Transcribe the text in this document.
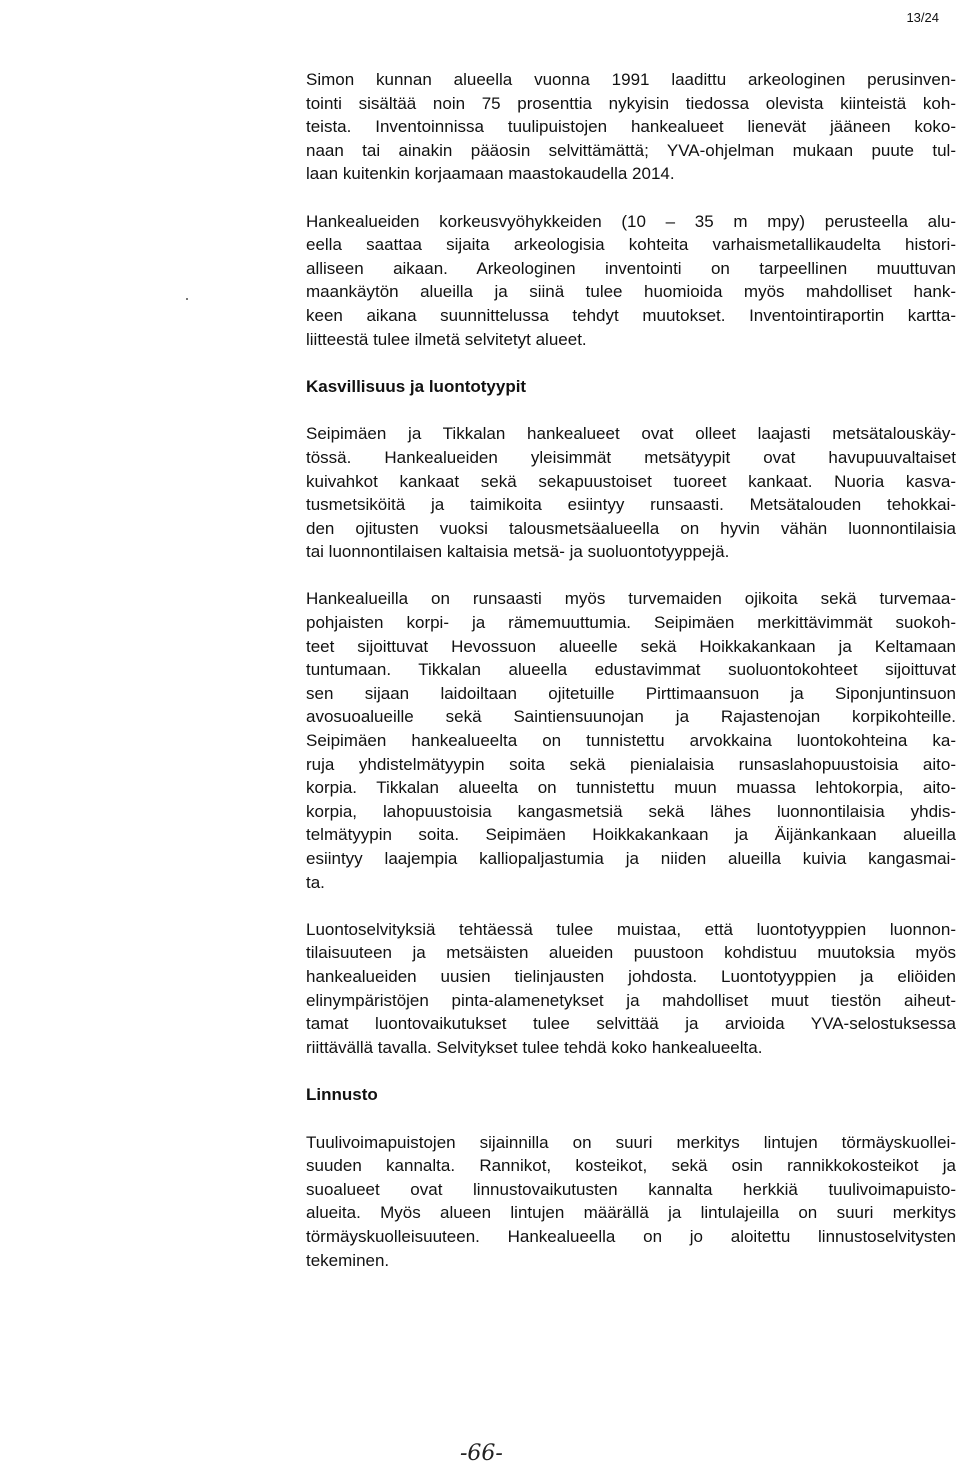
13/24

Simon kunnan alueella vuonna 1991 laadittu arkeologinen perusinven-
tointi sisältää noin 75 prosenttia nykyisin tiedossa olevista kiinteistä koh-
teista. Inventoinnissa tuulipuistojen hankealueet lienevät jääneen koko-
naan tai ainakin pääosin selvittämättä; YVA-ohjelman mukaan puute tul-
laan kuitenkin korjaamaan maastokaudella 2014.

Hankealueiden korkeusvyöhykkeiden (10 – 35 m mpy) perusteella alu-
eella saattaa sijaita arkeologisia kohteita varhaismetallikaudelta histori-
alliseen aikaan. Arkeologinen inventointi on tarpeellinen muuttuvan
maankäytön alueilla ja siinä tulee huomioida myös mahdolliset hank-
keen aikana suunnittelussa tehdyt muutokset. Inventointiraportin kartta-
liitteestä tulee ilmetä selvitetyt alueet.

Kasvillisuus ja luontotyypit

Seipimäen ja Tikkalan hankealueet ovat olleet laajasti metsätalouskäy-
tössä. Hankealueiden yleisimmät metsätyypit ovat havupuuvaltaiset
kuivahkot kankaat sekä sekapuustoiset tuoreet kankaat. Nuoria kasva-
tusmetsiköitä ja taimikoita esiintyy runsaasti. Metsätalouden tehokkai-
den ojitusten vuoksi talousmetsäalueella on hyvin vähän luonnontilaisia
tai luonnontilaisen kaltaisia metsä- ja suoluontotyyppejä.

Hankealueilla on runsaasti myös turvemaiden ojikoita sekä turvemaa-
pohjaisten korpi- ja rämemuuttumia. Seipimäen merkittävimmät suokoh-
teet sijoittuvat Hevossuon alueelle sekä Hoikkakankaan ja Keltamaan
tuntumaan. Tikkalan alueella edustavimmat suoluontokohteet sijoittuvat
sen sijaan laidoiltaan ojitetuille Pirttimaansuon ja Siponjuntinsuon
avosuoalueille sekä Saintiensuunojan ja Rajastenojan korpikohteille.
Seipimäen hankealueelta on tunnistettu arvokkaina luontokohteina ka-
ruja yhdistelmätyypin soita sekä pienialaisia runsaslahopuustoisia aito-
korpia. Tikkalan alueelta on tunnistettu muun muassa lehtokorpia, aito-
korpia, lahopuustoisia kangasmetsiä sekä lähes luonnontilaisia yhdis-
telmätyypin soita. Seipimäen Hoikkakankaan ja Äijänkankaan alueilla
esiintyy laajempia kalliopaljastumia ja niiden alueilla kuivia kangasmai-
ta.

Luontoselvityksiä tehtäessä tulee muistaa, että luontotyyppien luonnon-
tilaisuuteen ja metsäisten alueiden puustoon kohdistuu muutoksia myös
hankealueiden uusien tielinjausten johdosta. Luontotyyppien ja eliöiden
elinympäristöjen pinta-alamenetykset ja mahdolliset muut tiestön aiheut-
tamat luontovaikutukset tulee selvittää ja arvioida YVA-selostuksessa
riittävällä tavalla. Selvitykset tulee tehdä koko hankealueelta.

Linnusto

Tuulivoimapuistojen sijainnilla on suuri merkitys lintujen törmäyskuollei-
suuden kannalta. Rannikot, kosteikot, sekä osin rannikkokosteikot ja
suoalueet ovat linnustovaikutusten kannalta herkkiä tuulivoimapuisto-
alueita. Myös alueen lintujen määrällä ja lintulajeilla on suuri merkitys
törmäyskuolleisuuteen. Hankealueella on jo aloitettu linnustoselvitysten
tekeminen.

-66-
